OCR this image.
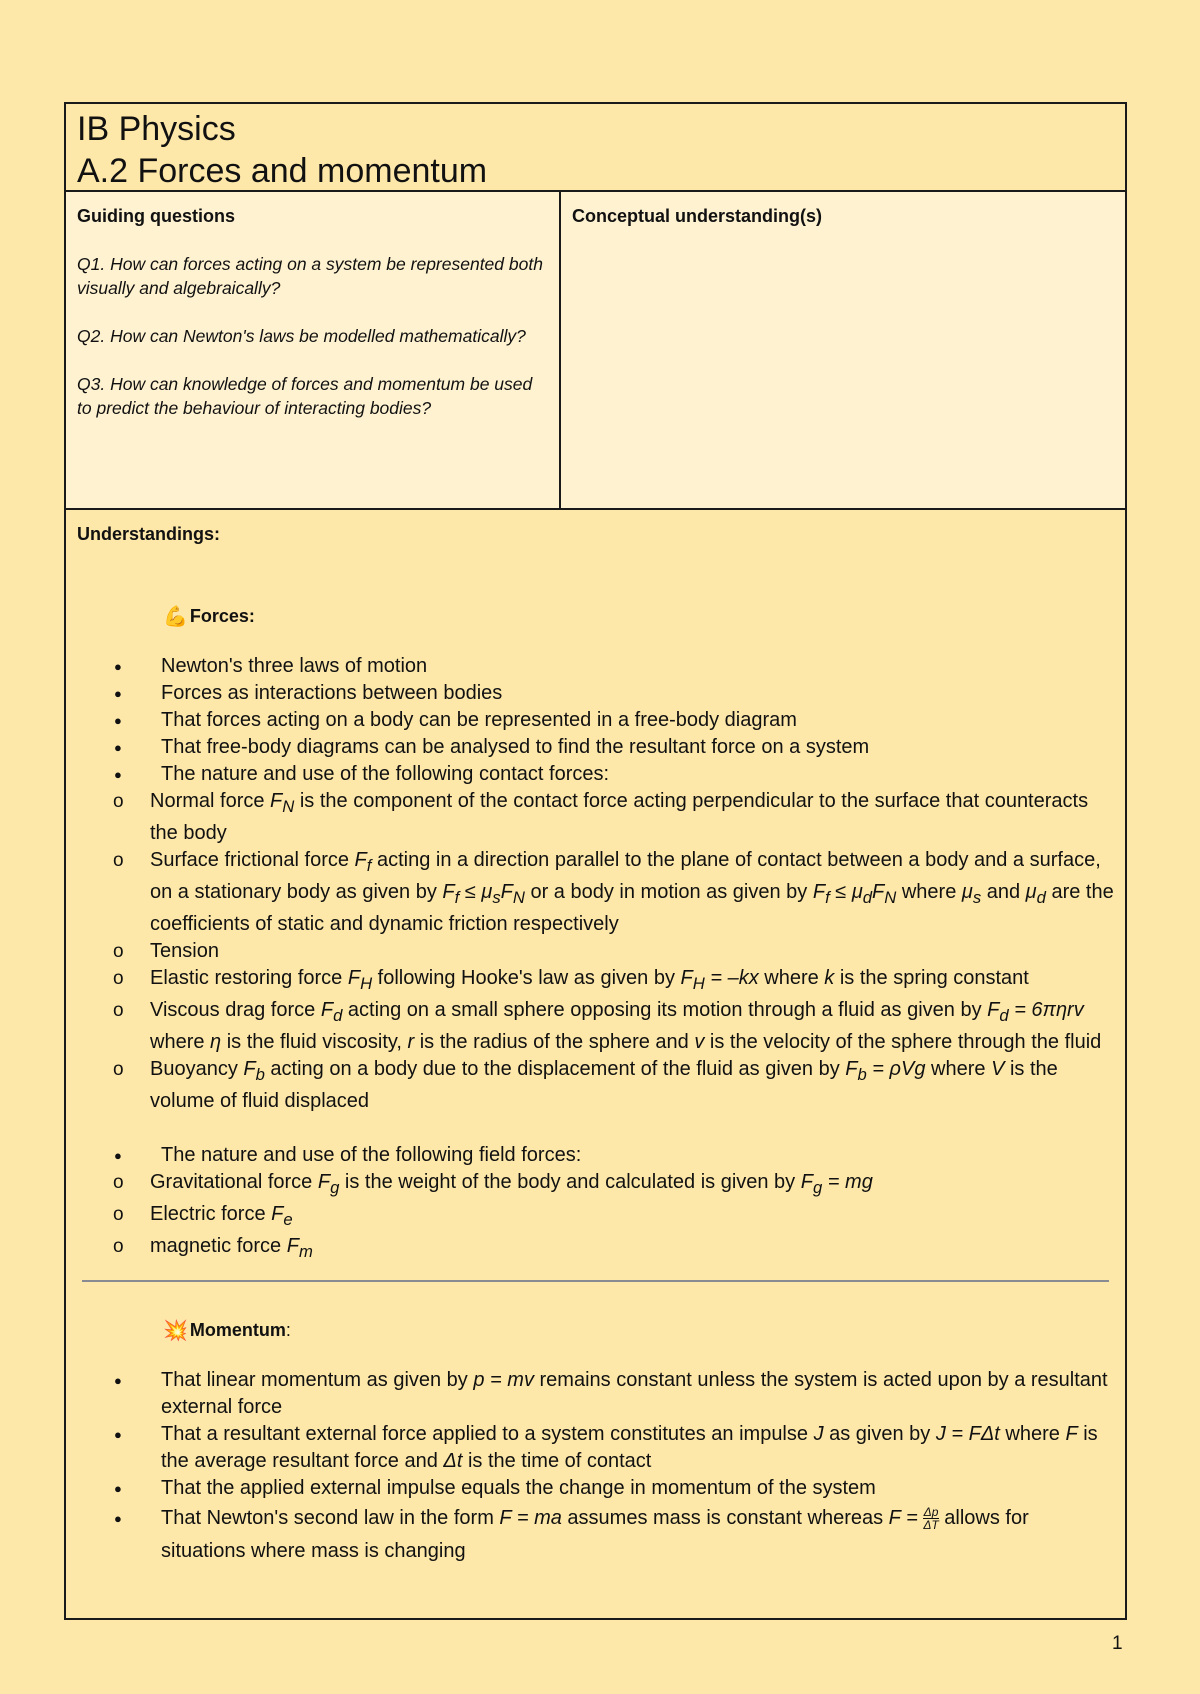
IB Physics
A.2 Forces and momentum
Guiding questions
Q1. How can forces acting on a system be represented both visually and algebraically?
Q2. How can Newton's laws be modelled mathematically?
Q3. How can knowledge of forces and momentum be used to predict the behaviour of interacting bodies?
Conceptual understanding(s)
Understandings:
💪 Forces:
● Newton's three laws of motion
● Forces as interactions between bodies
● That forces acting on a body can be represented in a free-body diagram
● That free-body diagrams can be analysed to find the resultant force on a system
● The nature and use of the following contact forces:
o Normal force $F_N$ is the component of the contact force acting perpendicular to the surface that counteracts the body
o Surface frictional force $F_f$ acting in a direction parallel to the plane of contact between a body and a surface, on a stationary body as given by $F_f \le \mu_sF_N$ or a body in motion as given by $F_f \le \mu_dF_N$ where $\mu_s$ and $\mu_d$ are the coefficients of static and dynamic friction respectively
o Tension
o Elastic restoring force $F_H$ following Hooke's law as given by $F_H = -kx$ where k is the spring constant
o Viscous drag force $F_d$ acting on a small sphere opposing its motion through a fluid as given by $F_d = 6\pi\eta rv$ where η is the fluid viscosity, r is the radius of the sphere and v is the velocity of the sphere through the fluid
o Buoyancy $F_b$ acting on a body due to the displacement of the fluid as given by $F_b = \rho Vg$ where V is the volume of fluid displaced
● The nature and use of the following field forces:
o Gravitational force $F_g$ is the weight of the body and calculated is given by $F_g$ = mg
o Electric force $F_e$
o magnetic force $F_m$
💥 Momentum :
● That linear momentum as given by p = mv remains constant unless the system is acted upon by a resultant external force
● That a resultant external force applied to a system constitutes an impulse J as given by J = FΔt where F is the average resultant force and Δt is the time of contact
● That the applied external impulse equals the change in momentum of the system
● That Newton's second law in the form F = ma assumes mass is constant whereas $F = \frac{\Delta p}{\Delta T}$ allows for situations where mass is changing
1
